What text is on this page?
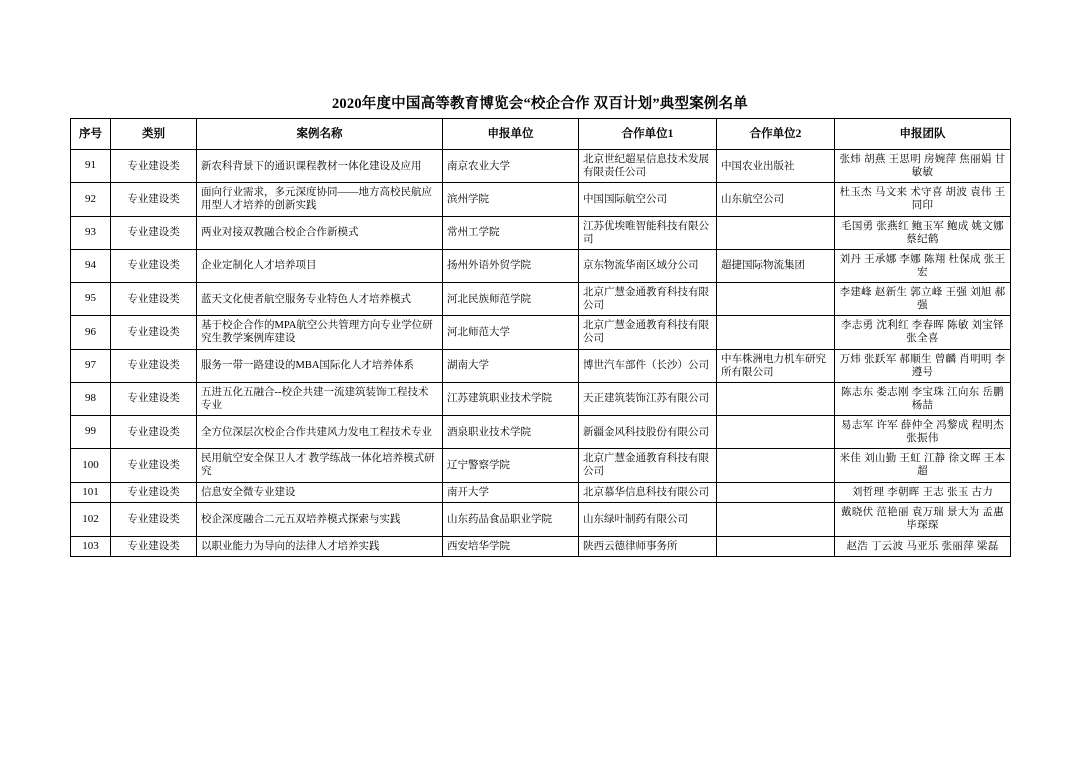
2020年度中国高等教育博览会“校企合作 双百计划”典型案例名单
序号	类别	案例名称	申报单位	合作单位1	合作单位2	申报团队
91	专业建设类	新农科背景下的通识课程教材一体化建设及应用	南京农业大学	北京世纪超星信息技术发展有限责任公司	中国农业出版社	张炜 胡燕 王思明 房婉萍 焦丽娟 甘敏敏
92	专业建设类	面向行业需求，多元深度协同——地方高校民航应用型人才培养的创新实践	滨州学院	中国国际航空公司	山东航空公司	杜玉杰 马文来 术守喜 胡波 袁伟 王同印
93	专业建设类	两业对接双教融合校企合作新模式	常州工学院	江苏优埃唯智能科技有限公司		毛国勇 张燕红 鲍玉军 鲍成 姚文娜 蔡纪鹤
94	专业建设类	企业定制化人才培养项目	扬州外语外贸学院	京东物流华南区域分公司	超捷国际物流集团	刘丹 王承娜 李娜 陈翔 杜保成 张王宏
95	专业建设类	蓝天文化使者航空服务专业特色人才培养模式	河北民族师范学院	北京广慧金通教育科技有限公司		李建峰 赵新生 郭立峰 王强 刘旭 郝强
96	专业建设类	基于校企合作的MPA航空公共管理方向专业学位研究生教学案例库建设	河北师范大学	北京广慧金通教育科技有限公司		李志勇 沈利红 李春晖 陈敏 刘宝铎 张全喜
97	专业建设类	服务一带一路建设的MBA国际化人才培养体系	湖南大学	博世汽车部件（长沙）公司	中车株洲电力机车研究所有限公司	万炜 张跃军 郝顺生 曾麟 肖明明 李遵号
98	专业建设类	五进五化五融合--校企共建一流建筑装饰工程技术专业	江苏建筑职业技术学院	天正建筑装饰江苏有限公司		陈志东 娄志刚 李宝珠 江向东 岳鹏 杨喆
99	专业建设类	全方位深层次校企合作共建风力发电工程技术专业	酒泉职业技术学院	新疆金风科技股份有限公司		易志军 许军 薛仲全 冯黎成 程明杰 张振伟
100	专业建设类	民用航空安全保卫人才 教学练战一体化培养模式研究	辽宁警察学院	北京广慧金通教育科技有限公司		米佳 刘山勤 王虹 江静 徐文晖 王本超
101	专业建设类	信息安全微专业建设	南开大学	北京慕华信息科技有限公司		刘哲理 李朝晖 王志 张玉 古力
102	专业建设类	校企深度融合二元五双培养模式探索与实践	山东药品食品职业学院	山东绿叶制药有限公司		戴晓伏 范艳丽 袁万瑞 景大为 孟惠 毕琛琛
103	专业建设类	以职业能力为导向的法律人才培养实践	西安培华学院	陕西云德律师事务所		赵浩 丁云波 马亚乐 张丽萍 梁磊
